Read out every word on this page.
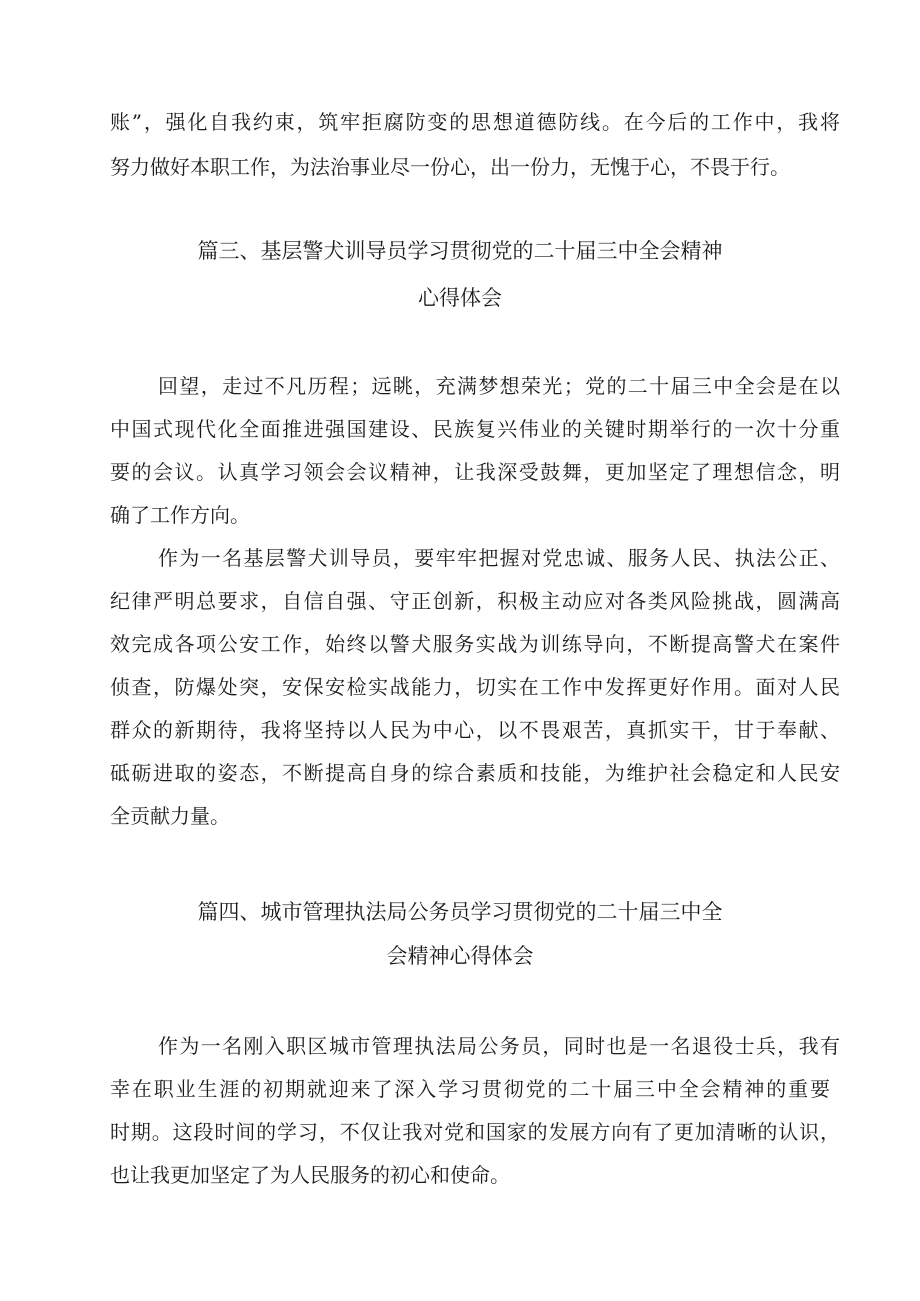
账”，强化自我约束，筑牢拒腐防变的思想道德防线。在今后的工作中，我将

努力做好本职工作，为法治事业尽一份心，出一份力，无愧于心，不畏于行。

篇三、基层警犬训导员学习贯彻党的二十届三中全会精神
心得体会

回望，走过不凡历程；远眺，充满梦想荣光；党的二十届三中全会是在以

中国式现代化全面推进强国建设、民族复兴伟业的关键时期举行的一次十分重

要的会议。认真学习领会会议精神，让我深受鼓舞，更加坚定了理想信念，明

确了工作方向。

作为一名基层警犬训导员，要牢牢把握对党忠诚、服务人民、执法公正、

纪律严明总要求，自信自强、守正创新，积极主动应对各类风险挑战，圆满高

效完成各项公安工作，始终以警犬服务实战为训练导向，不断提高警犬在案件

侦查，防爆处突，安保安检实战能力，切实在工作中发挥更好作用。面对人民

群众的新期待，我将坚持以人民为中心，以不畏艰苦，真抓实干，甘于奉献、

砥砺进取的姿态，不断提高自身的综合素质和技能，为维护社会稳定和人民安

全贡献力量。

篇四、城市管理执法局公务员学习贯彻党的二十届三中全
会精神心得体会

作为一名刚入职区城市管理执法局公务员，同时也是一名退役士兵，我有

幸在职业生涯的初期就迎来了深入学习贯彻党的二十届三中全会精神的重要

时期。这段时间的学习，不仅让我对党和国家的发展方向有了更加清晰的认识，

也让我更加坚定了为人民服务的初心和使命。
